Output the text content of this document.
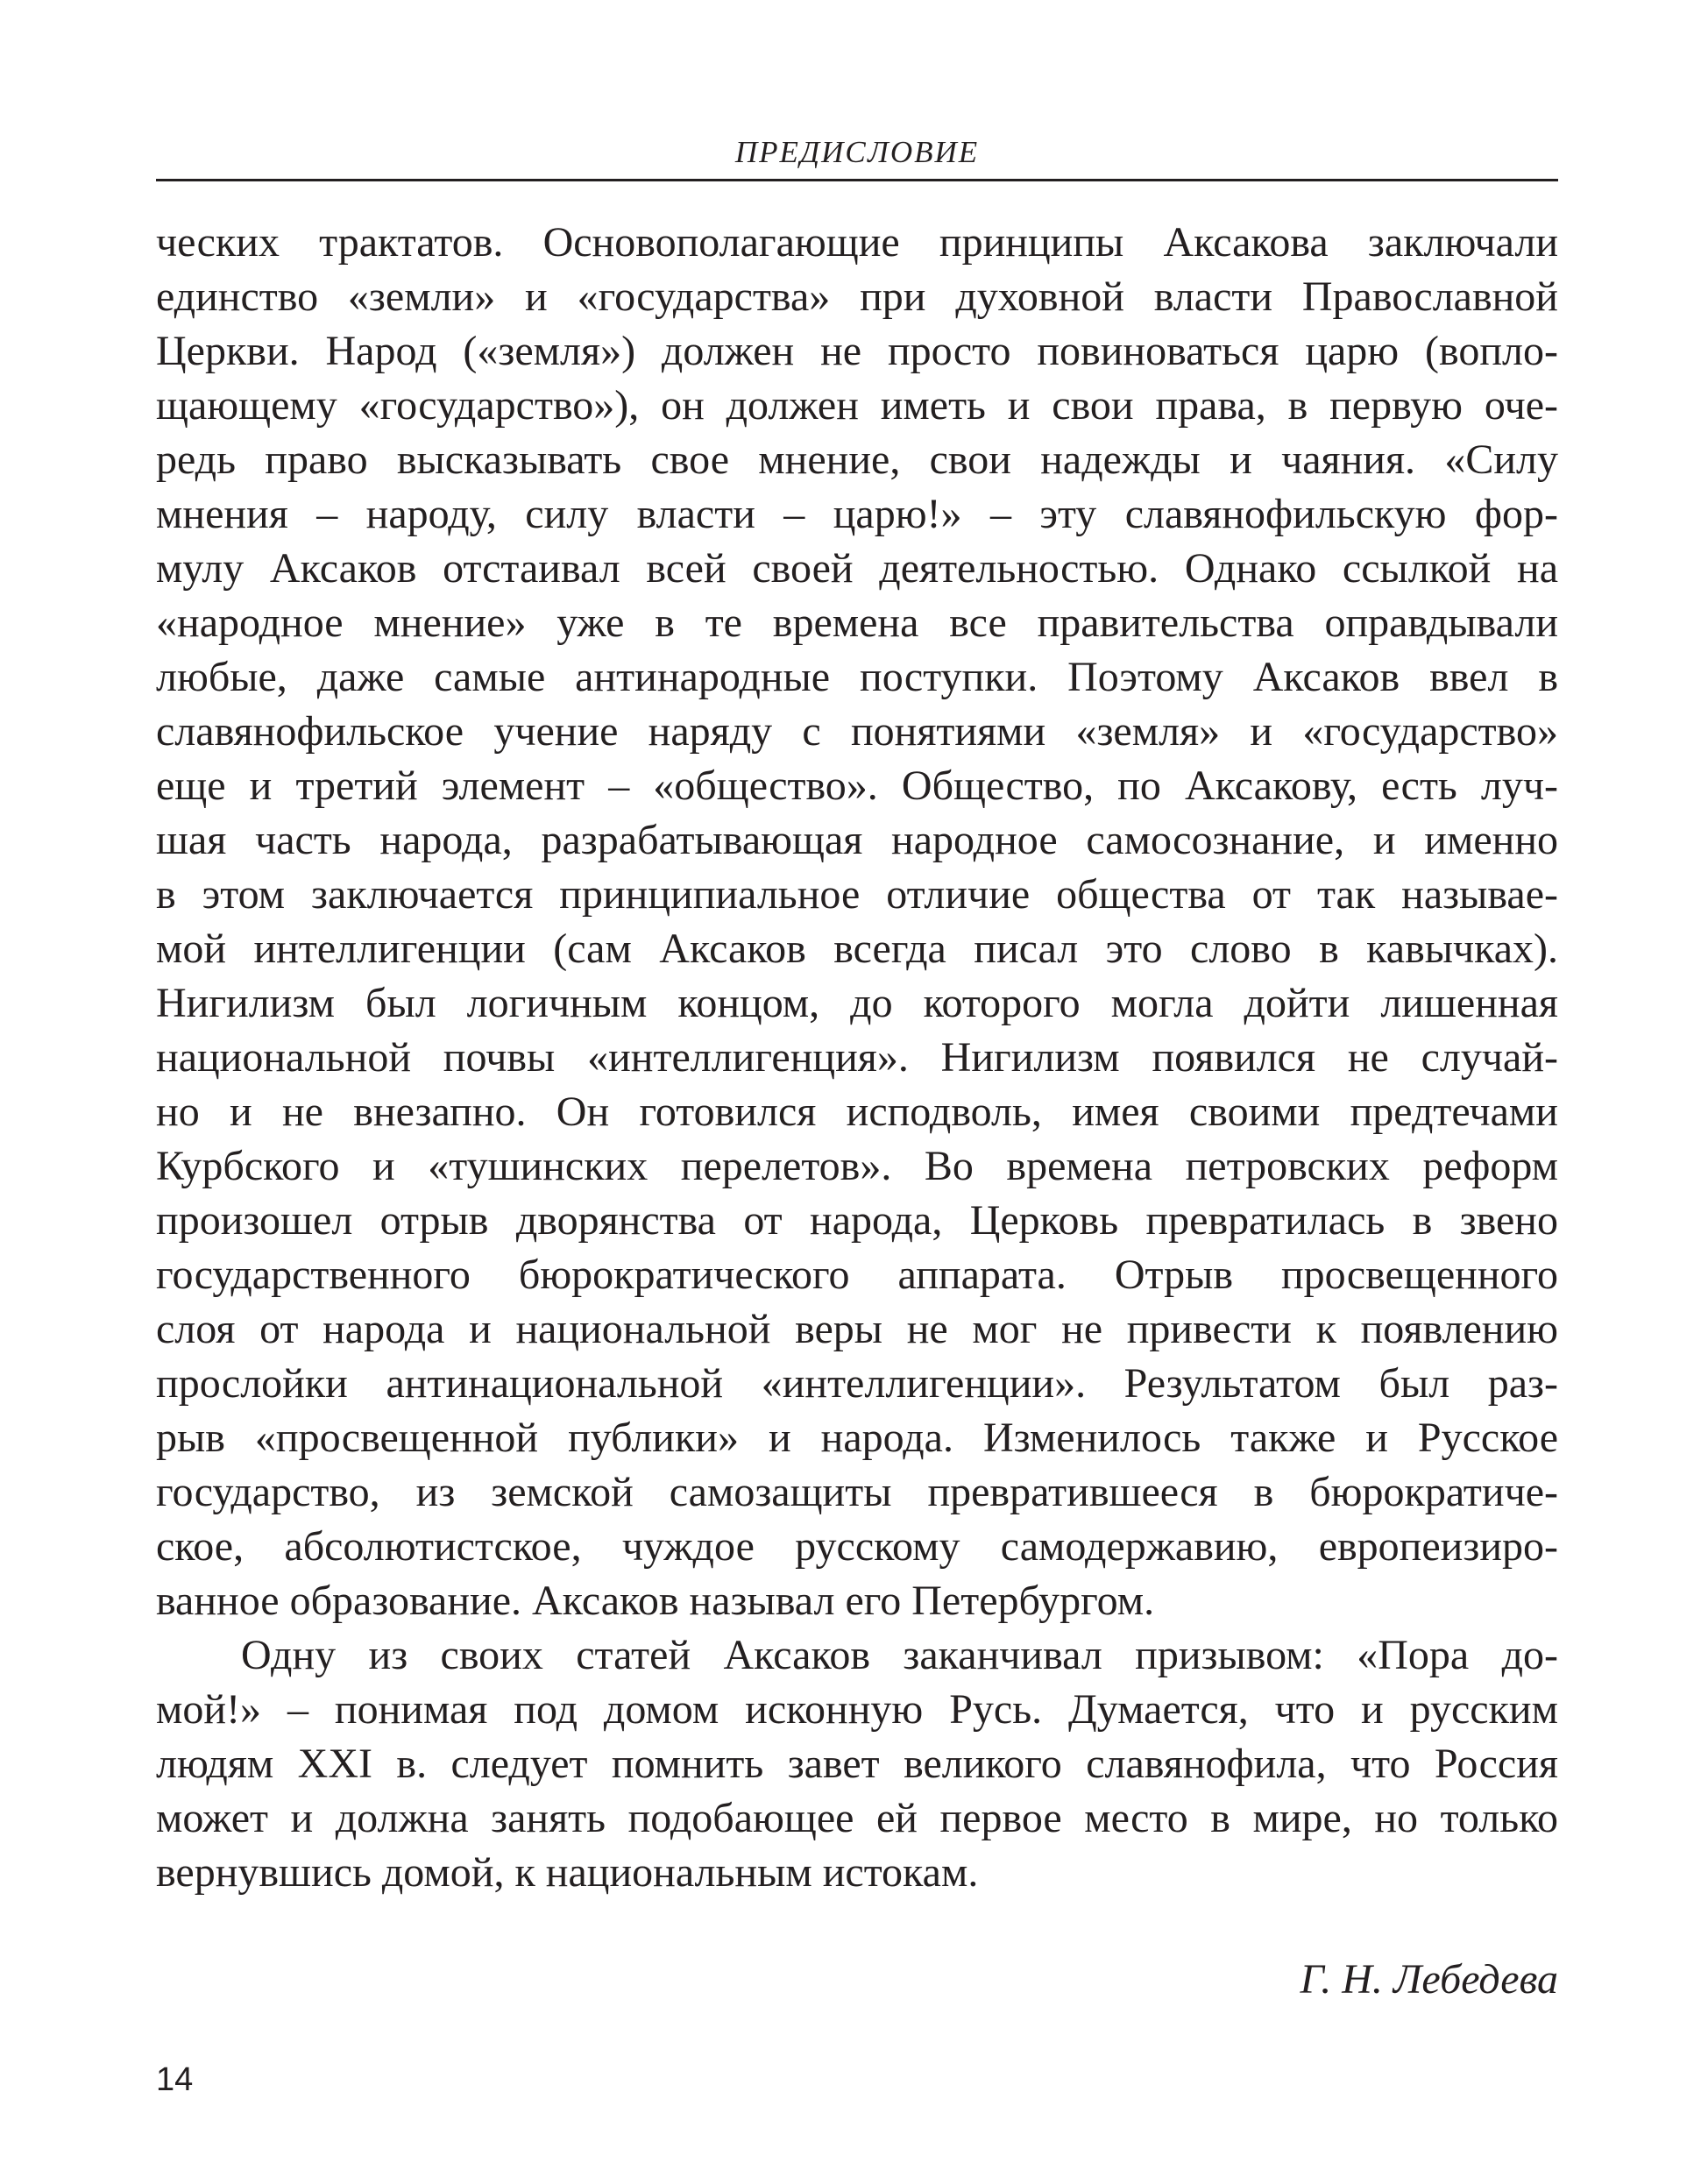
ПРЕДИСЛОВИЕ
ческих трактатов. Основополагающие принципы Аксакова заключали
единство «земли» и «государства» при духовной власти Православной
Церкви. Народ («земля») должен не просто повиноваться царю (вопло-
щающему «государство»), он должен иметь и свои права, в первую оче-
редь право высказывать свое мнение, свои надежды и чаяния. «Силу
мнения – народу, силу власти – царю!» – эту славянофильскую фор-
мулу Аксаков отстаивал всей своей деятельностью. Однако ссылкой на
«народное мнение» уже в те времена все правительства оправдывали
любые, даже самые антинародные поступки. Поэтому Аксаков ввел в
славянофильское учение наряду с понятиями «земля» и «государство»
еще и третий элемент – «общество». Общество, по Аксакову, есть луч-
шая часть народа, разрабатывающая народное самосознание, и именно
в этом заключается принципиальное отличие общества от так называе-
мой интеллигенции (сам Аксаков всегда писал это слово в кавычках).
Нигилизм был логичным концом, до которого могла дойти лишенная
национальной почвы «интеллигенция». Нигилизм появился не случай-
но и не внезапно. Он готовился исподволь, имея своими предтечами
Курбского и «тушинских перелетов». Во времена петровских реформ
произошел отрыв дворянства от народа, Церковь превратилась в звено
государственного бюрократического аппарата. Отрыв просвещенного
слоя от народа и национальной веры не мог не привести к появлению
прослойки антинациональной «интеллигенции». Результатом был раз-
рыв «просвещенной публики» и народа. Изменилось также и Русское
государство, из земской самозащиты превратившееся в бюрократиче-
ское, абсолютистское, чуждое русскому самодержавию, европеизиро-
ванное образование. Аксаков называл его Петербургом.
Одну из своих статей Аксаков заканчивал призывом: «Пора до-
мой!» – понимая под домом исконную Русь. Думается, что и русским
людям XXI в. следует помнить завет великого славянофила, что Россия
может и должна занять подобающее ей первое место в мире, но только
вернувшись домой, к национальным истокам.
Г. Н. Лебедева
14
